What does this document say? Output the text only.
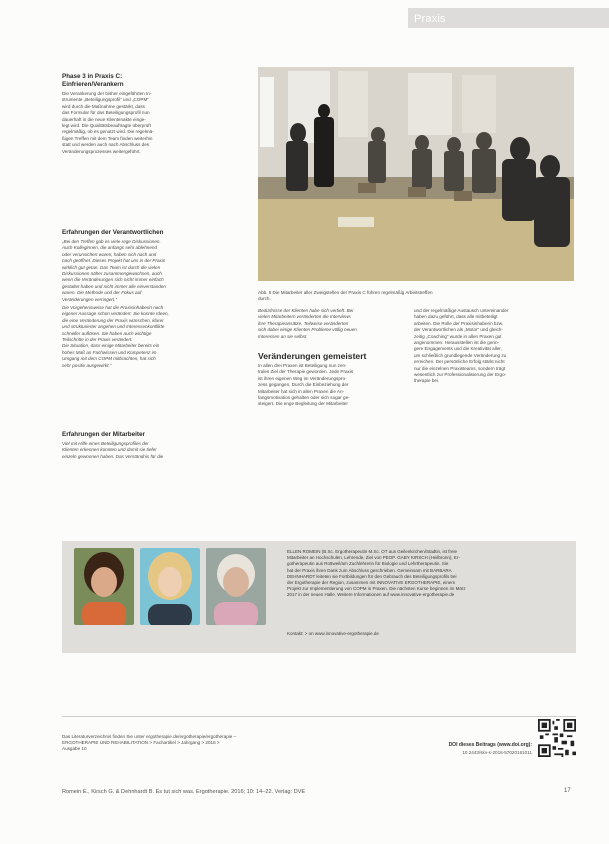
Praxis
Phase 3 in Praxis C:
Einfrieren/Verankern
Die Verankerung der bisher eingeführten In-
strumente „Beteiligungsprofil“ und „COPM“
wird durch die Maßnahme gestärkt, dass
das Formular für das Beteiligungsprofil nun
dauerhaft in die neue Klientenakte einge-
legt wird. Die Qualitätsbeauftragte überprüft
regelmäßig, ob es genutzt wird. Die regelmä-
ßigen Treffen mit dem Team finden weiterhin
statt und werden auch nach Abschluss des
Veränderungsprozesses weitergeführt.
Erfahrungen der Verantwortlichen
„Bei den Treffen gab es viele rege Diskussionen.
Auch Kolleginnen, die anfangs sehr ablehnend
oder verunsichert waren, haben sich nach und
nach geöffnet. Dieses Projekt hat uns in der Praxis
wirklich gut getan. Das Team ist durch die vielen
Diskussionen näher zusammengewachsen, auch
wenn die Veränderungen sich nicht immer einfach
gestaltet haben und nicht immer alle einverstanden
waren. Die Methode und der Fokus auf
Veränderungen verringert.“
Die Vorgehensweise hat die Praxisinhaberin nach
eigener Aussage schon verändert. Sie konnte Ideen,
die eine Veränderung der Praxis wünschen, klarer
und strukturierter angehen und Interessenkonflikte
schneller auflösen. Sie haben auch wichtige
Teilschritte in der Praxis verändert.
Die Situation, dass einige Mitarbeiter bereits ein
hohes Maß an Fachwissen und Kompetenz im
Umgang mit dem COPM mitbrachten, hat sich
sehr positiv ausgewirkt.“
Erfahrungen der Mitarbeiter
Viel mit Hilfe eines Beteiligungsprofiles der
Klienten erkennen konnten und damit sie tiefer
einzeln gewonnen haben. Das Verständnis für die
Abb. 5 Die Mitarbeiter aller Zweigstellen der Praxis C führen regelmäßig Arbeitstreffen
durch.
Bedürfnisse der Klienten habe sich vertieft. Bei
vielen Mitarbeitern veränderten die Interviews
ihre Therapieansätze. Teilweise veränderten
sich dabei einige Klienten Probleme völlig neuen
Interessen an sie selbst.
Veränderungen gemeistert
In allen drei Praxen ist Beteiligung nun zen-
trales Ziel der Therapie geworden. Jede Praxis
ist ihren eigenen Weg im Veränderungspro-
zess gegangen. Durch die Einbeziehung der
Mitarbeiter hat sich in allen Praxen die An-
fangsmotivation gehalten oder sich sogar ge-
steigert. Die enge Begleitung der Mitarbeiter
und der regelmäßige Austausch untereinander
haben dazu geführt, dass alle mitbeteiligt
arbeiten. Die Rolle der Praxisinhaberin bzw.
der Verantwortlichen als „Motor“ und gleich-
zeitig „Coaching“ wurde in allen Praxen gut
angenommen. Herausstellen ist die gerin-
gere Engagements und die Kreativität aller,
um schließlich grundlegende Veränderung zu
erreichen. Der persönliche Erfolg stärkt nicht
nur die einzelnen Praxisteams, sondern trägt
wesentlich zur Professionalisierung der Ergo-
therapie bei.
ELLEN ROMEIN (B.Sc. Ergotherapeutin M.Sc. OT aus Geilenkirchen/Stadtin, ist freie
Mitarbeiter an Hochschulen, Lehrende, Ziel von PEOP. GABY KIRSCH (Heilbronn), Er-
gotherapeutin aus Rottweil/am Zuchlehrerin für Biologie und Lehrtherapeutin. Sie
hat der Praxis ihren Dank zum Abschluss geschrieben. Gemeinsam mit BARBARA
DEHNHARDT leiteten sie Fortbildungen für den Gebrauch des Beteiligungsprofils bei
der Ergotherapie der Region, zusammen mit INNOVATIVE ERGOTHERAPIE, einem
Projekt zur Implementierung von COPM in Praxen. Die nächsten Kurse beginnen im März
2017 in der neuen Halle. Weitere Informationen auf www.innovative-ergotherapie.de
Kontakt: > on www.innovative-ergotherapie.de
Das Literaturverzeichnis finden Sie unter ergotherapie.de/ergotherapie/ergotherapie –
ERGOTHERAPIE UND REHABILITATION > Fachartikel > Jahrgang > 2016 >
Ausgabe 10
DOI dieses Beitrags (www.doi.org):
10.2443/skv-s-2016-57020161011
Romein E., Kirsch G. & Dehnhardt B. Es tut sich was. Ergotherapie. 2016; 10: 14–22. Verlag: DVE	17
